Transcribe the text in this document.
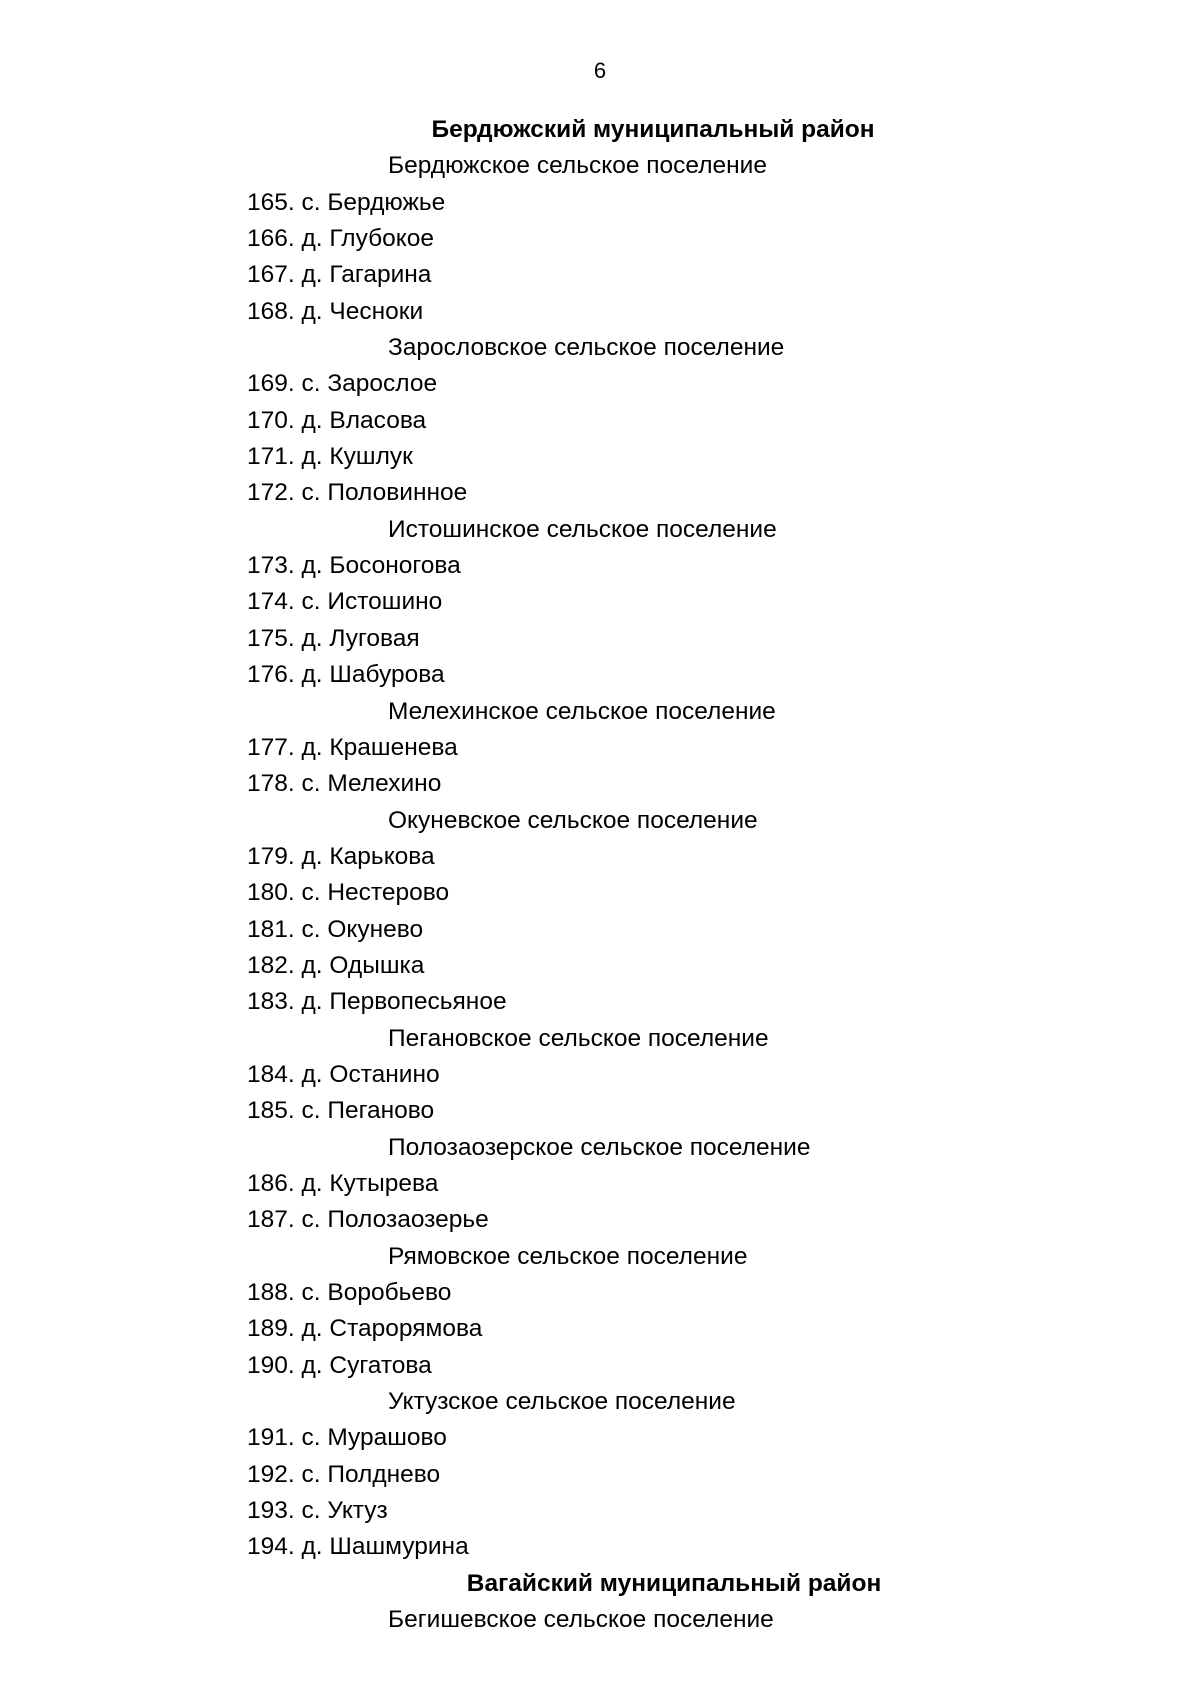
6
Бердюжский муниципальный район
Бердюжское сельское поселение
165. с. Бердюжье
166. д. Глубокое
167. д. Гагарина
168. д. Чесноки
Зарословское сельское поселение
169. с. Зарослое
170. д. Власова
171. д. Кушлук
172. с. Половинное
Истошинское сельское поселение
173. д. Босоногова
174. с. Истошино
175. д. Луговая
176. д. Шабурова
Мелехинское сельское поселение
177. д. Крашенева
178. с. Мелехино
Окуневское сельское поселение
179. д. Карькова
180. с. Нестерово
181. с. Окунево
182. д. Одышка
183. д. Первопесьяное
Пегановское сельское поселение
184. д. Останино
185. с. Пеганово
Полозаозерское сельское поселение
186. д. Кутырева
187. с. Полозаозерье
Рямовское сельское поселение
188. с. Воробьево
189. д. Старорямова
190. д. Сугатова
Уктузское сельское поселение
191. с. Мурашово
192. с. Полднево
193. с. Уктуз
194. д. Шашмурина
Вагайский муниципальный район
Бегишевское сельское поселение
